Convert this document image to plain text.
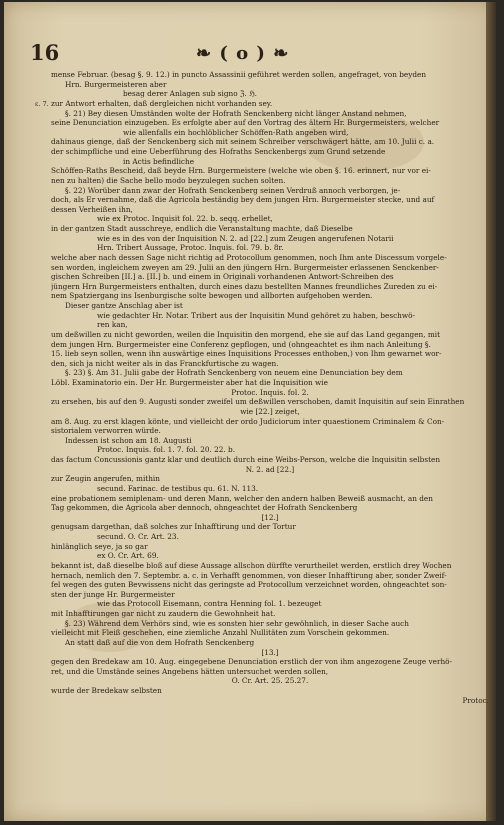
16	❧ ( o ) ❧
ε. 7.
mense Februar. (besag §. 9. 12.) in puncto Assassinii geführet werden sollen, angefraget, von beyden
Hrn. Burgermeisteren aber
besag derer Anlagen sub signo ℨ. ℌ.
zur Antwort erhalten, daß dergleichen nicht vorhanden sey.
§. 21) Bey diesen Umständen wolte der Hofrath Senckenberg nicht länger Anstand nehmen,
seine Denunciation einzugeben. Es erfolgte aber auf den Vortrag des ältern Hr. Burgermeisters, welcher
wie allenfalls ein hochlöblicher Schöffen-Rath angeben wird,
dahinaus gienge, daß der Senckenberg sich mit seinem Schreiber verschwägert hätte, am 10. Julii c. a.
der schimpfliche und eine Ueberführung des Hofraths Senckenbergs zum Grund setzende
in Actis befindliche
Schöffen-Raths Bescheid, daß beyde Hrn. Burgermeistere (welche wie oben §. 16. erinnert, nur vor ei-
nen zu halten) die Sache bello modo beyzulegen suchen solten.
§. 22) Worüber dann zwar der Hofrath Senckenberg seinen Verdruß annoch verborgen, je-
doch, als Er vernahme, daß die Agricola beständig bey dem jungen Hrn. Burgermeister stecke, und auf
dessen Verheißen ihn,
wie ex Protoc. Inquisit fol. 22. b. seqq. erhellet,
in der gantzen Stadt ausschreye, endlich die Veranstaltung machte, daß Dieselbe
wie es in des von der Inquisition N. 2. ad [22.] zum Zeugen angerufenen Notarii
Hrn. Tribert Aussage, Protoc. Inquis. fol. 79. b. 8r.
welche aber nach dessen Sage nicht richtig ad Protocollum genommen, noch Ihm ante Discessum vorgele-
sen worden, ingleichem zweyen am 29. Julii an den jüngern Hrn. Burgermeister erlassenen Senckenber-
gischen Schreiben [II.] a. [II.] b. und einem in Originali vorhandenen Antwort-Schreiben des
jüngern Hrn Burgermeisters enthalten, durch eines dazu bestellten Mannes freundliches Zureden zu ei-
nem Spatziergang ins Isenburgische solte bewogen und allborten aufgehoben werden.
Dieser gantze Anschlag aber ist
wie gedachter Hr. Notar. Tribert aus der Inquisitin Mund gehöret zu haben, beschwö-
ren kan,
um deßwillen zu nicht geworden, weilen die Inquisitin den morgend, ehe sie auf das Land gegangen, mit
dem jungen Hrn. Burgermeister eine Conferenz gepflogen, und (ohngeachtet es ihm nach Anleitung §.
15. lieb seyn sollen, wenn ihn auswärtige eines Inquisitions Processes enthoben,) von Ihm gewarnet wor-
den, sich ja nicht weiter als in das Franckfurtische zu wagen.
§. 23) §. Am 31. Julii gabe der Hofrath Senckenberg von neuem eine Denunciation bey dem
Löbl. Examinatorio ein. Der Hr. Burgermeister aber hat die Inquisition wie
Protoc. Inquis. fol. 2.
zu ersehen, bis auf den 9. Augusti sonder zweifel um deßwillen verschoben, damit Inquisitin auf sein Einrathen
wie [22.] zeiget,
am 8. Aug. zu erst klagen könte, und vielleicht der ordo Judiciorum inter quaestionem Criminalem & Con-
sistorialem verworren würde.
Indessen ist schon am 18. Augusti
Protoc. Inquis. fol. 1. 7. fol. 20. 22. b.
das factum Concussionis gantz klar und deutlich durch eine Weibs-Person, welche die Inquisitin selbsten
N. 2. ad [22.]
zur Zeugin angerufen, mithin
secund. Farinac. de testibus qu. 61. N. 113.
eine probationem semiplenam- und deren Mann, welcher den andern halben Beweiß ausmacht, an den
Tag gekommen, die Agricola aber dennoch, ohngeachtet der Hofrath Senckenberg
[12.]
genugsam dargethan, daß solches zur Inhafftirung und der Tortur
secund. O. Cr. Art. 23.
hinlänglich seye, ja so gar
ex O. Cr. Art. 69.
bekannt ist, daß dieselbe bloß auf diese Aussage allschon dürffte verurtheilet werden, erstlich drey Wochen
hernach, nemlich den 7. Septembr. a. c. in Verhafft genommen, von dieser Inhafftirung aber, sonder Zweif-
fel wegen des guten Bevwissens nicht das geringste ad Protocollum verzeichnet worden, ohngeachtet son-
sten der junge Hr. Burgermeister
wie das Protocoll Eisemann, contra Henning fol. 1. bezeuget
mit Inhafftirungen gar nicht zu zaudern die Gewohnheit hat.
§. 23) Während dem Verhörs sind, wie es sonsten hier sehr gewöhnlich, in dieser Sache auch
vielleicht mit Fleiß geschehen, eine ziemliche Anzahl Nullitäten zum Vorschein gekommen.
An statt daß auf die von dem Hofrath Senckenberg
[13.]
gegen den Bredekaw am 10. Aug. eingegebene Denunciation erstlich der von ihm angezogene Zeuge verhö-
ret, und die Umstände seines Angebens hätten untersuchet werden sollen,
O. Cr. Art. 25. 25.27.
wurde der Bredekaw selbsten
Protoc.
